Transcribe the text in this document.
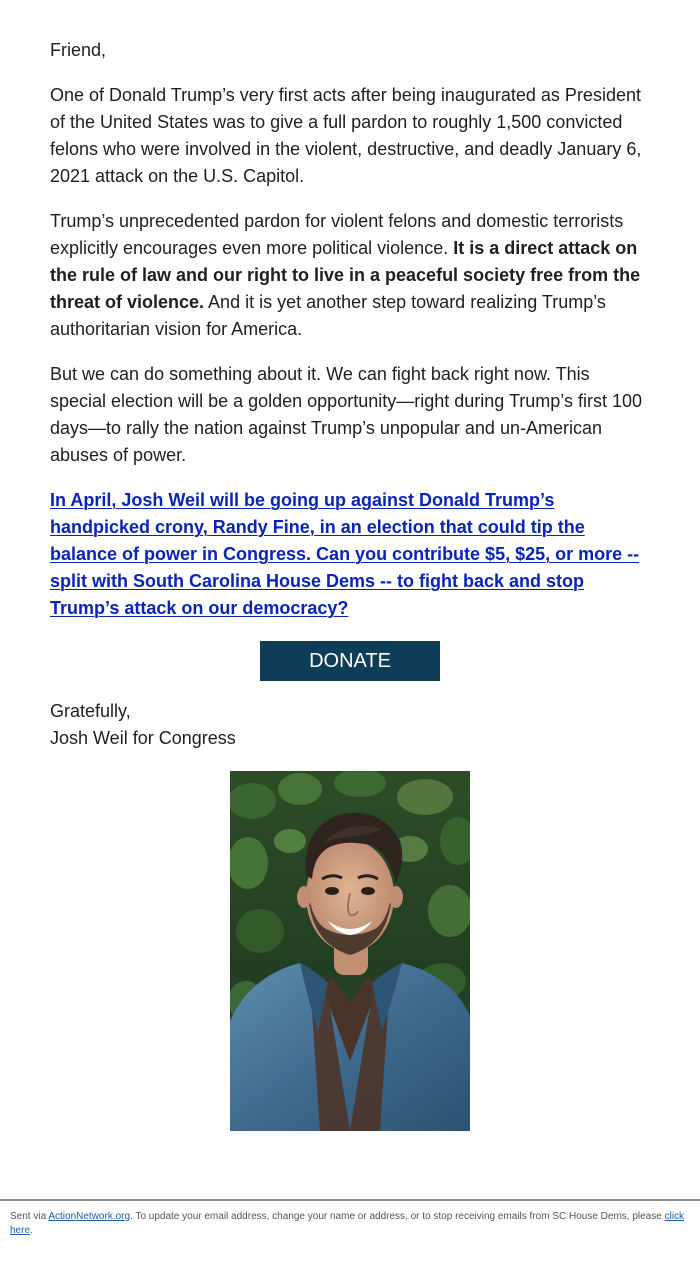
Friend,

One of Donald Trump’s very first acts after being inaugurated as President of the United States was to give a full pardon to roughly 1,500 convicted felons who were involved in the violent, destructive, and deadly January 6, 2021 attack on the U.S. Capitol.

Trump’s unprecedented pardon for violent felons and domestic terrorists explicitly encourages even more political violence. It is a direct attack on the rule of law and our right to live in a peaceful society free from the threat of violence. And it is yet another step toward realizing Trump’s authoritarian vision for America.

But we can do something about it. We can fight back right now. This special election will be a golden opportunity—right during Trump’s first 100 days—to rally the nation against Trump’s unpopular and un-American abuses of power.

In April, Josh Weil will be going up against Donald Trump’s handpicked crony, Randy Fine, in an election that could tip the balance of power in Congress. Can you contribute $5, $25, or more -- split with South Carolina House Dems -- to fight back and stop Trump’s attack on our democracy?

DONATE
Gratefully,
Josh Weil for Congress
Sent via ActionNetwork.org. To update your email address, change your name or address, or to stop receiving emails from SC House Dems, please click here.
